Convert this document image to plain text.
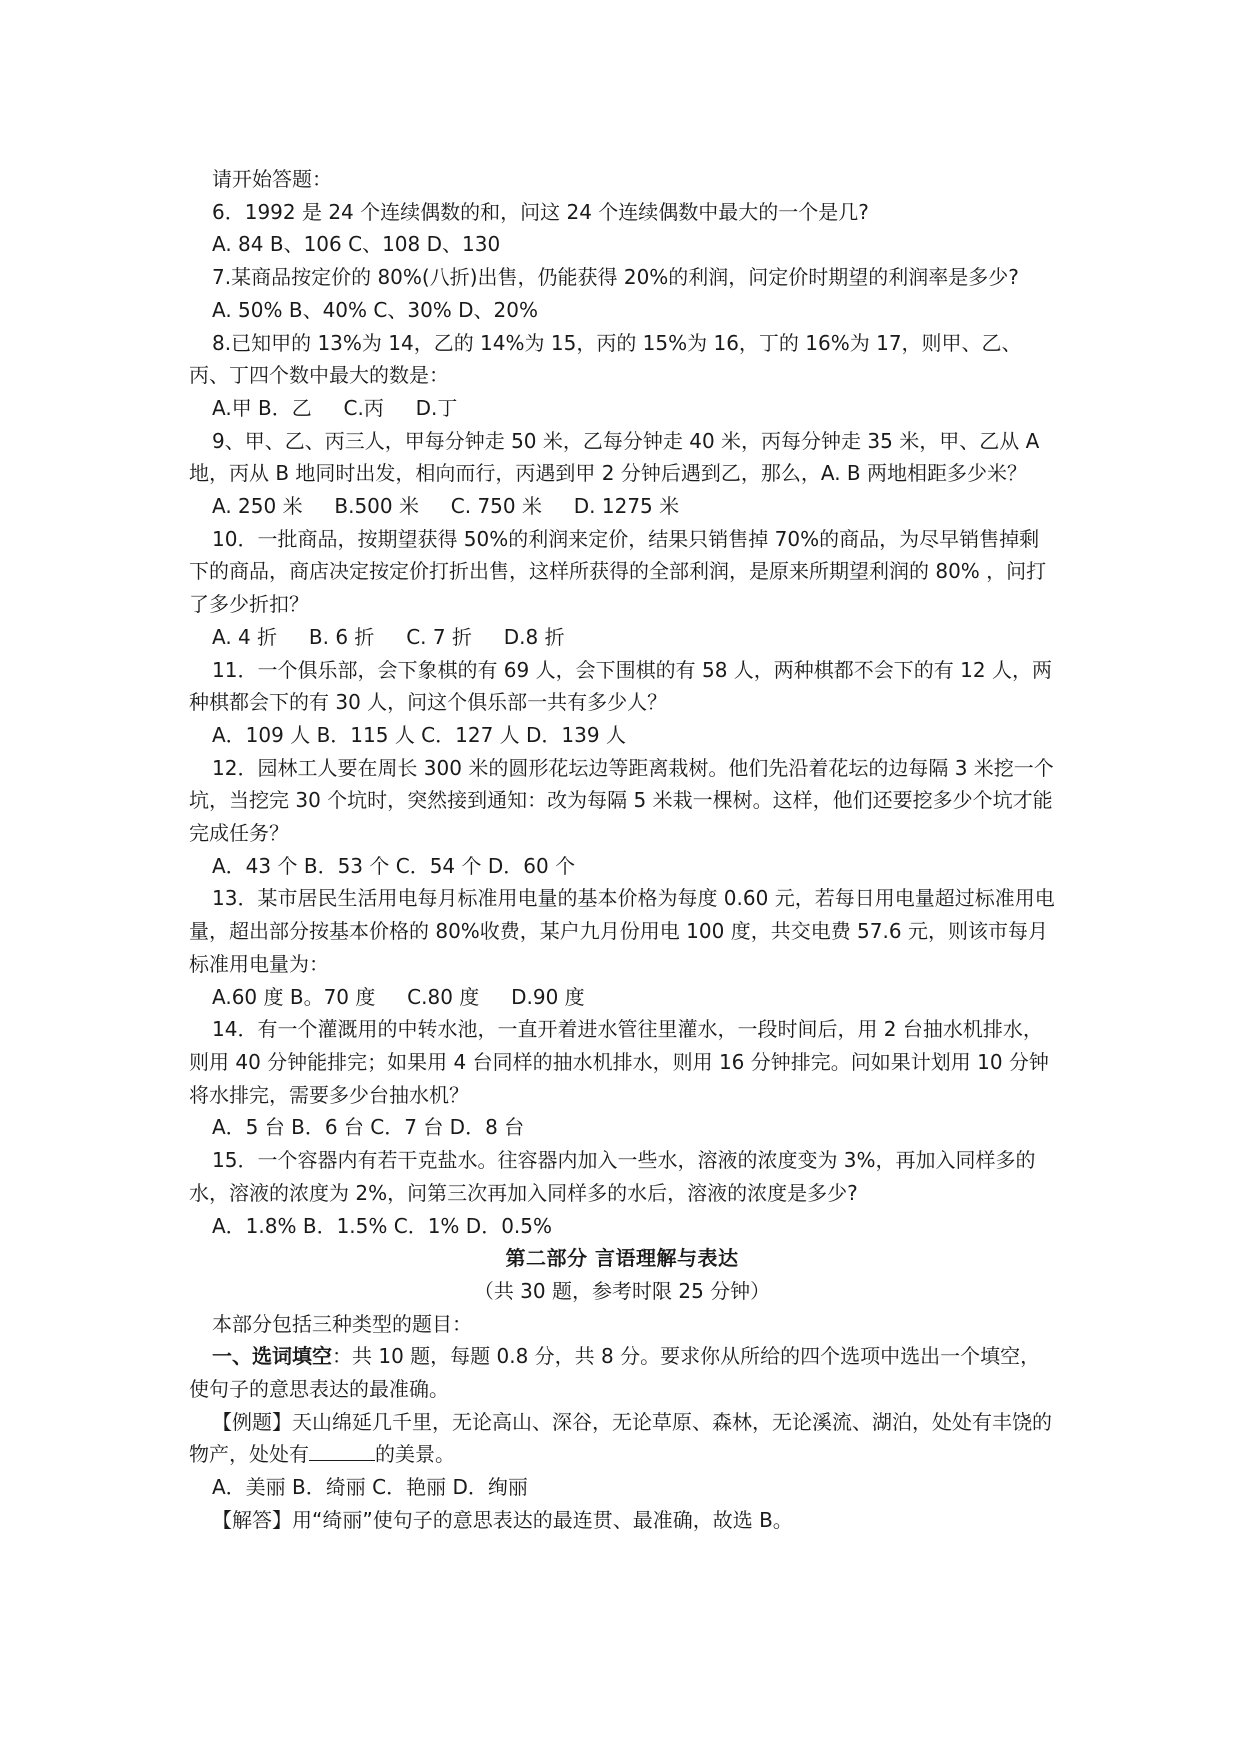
请开始答题：

6．1992 是 24 个连续偶数的和，问这 24 个连续偶数中最大的一个是几?

A. 84 B、106 C、108 D、130

7.某商品按定价的 80%(八折)出售，仍能获得 20%的利润，问定价时期望的利润率是多少?

A. 50% B、40% C、30% D、20%

8.已知甲的 13%为 14，乙的 14%为 15，丙的 15%为 16，丁的 16%为 17，则甲、乙、丙、丁四个数中最大的数是：

A.甲 B．乙     C.丙     D.丁

9、甲、乙、丙三人，甲每分钟走 50 米，乙每分钟走 40 米，丙每分钟走 35 米，甲、乙从 A 地，丙从 B 地同时出发，相向而行，丙遇到甲 2 分钟后遇到乙，那么，A. B 两地相距多少米？

A. 250 米     B.500 米     C. 750 米     D. 1275 米

10．一批商品，按期望获得 50%的利润来定价，结果只销售掉 70%的商品，为尽早销售掉剩下的商品，商店决定按定价打折出售，这样所获得的全部利润，是原来所期望利润的 80% ，问打了多少折扣？

A. 4 折     B. 6 折     C. 7 折     D.8 折

11．一个俱乐部，会下象棋的有 69 人，会下围棋的有 58 人，两种棋都不会下的有 12 人，两种棋都会下的有 30 人，问这个俱乐部一共有多少人？

A．109 人 B．115 人 C．127 人 D．139 人

12．园林工人要在周长 300 米的圆形花坛边等距离栽树。他们先沿着花坛的边每隔 3 米挖一个坑，当挖完 30 个坑时，突然接到通知：改为每隔 5 米栽一棵树。这样，他们还要挖多少个坑才能完成任务？

A．43 个 B．53 个 C．54 个 D．60 个

13．某市居民生活用电每月标准用电量的基本价格为每度 0.60 元，若每日用电量超过标准用电量，超出部分按基本价格的 80%收费，某户九月份用电 100 度，共交电费 57.6 元，则该市每月标准用电量为：

A.60 度 B。70 度     C.80 度     D.90 度

14．有一个灌溉用的中转水池，一直开着进水管往里灌水，一段时间后，用 2 台抽水机排水，则用 40 分钟能排完；如果用 4 台同样的抽水机排水，则用 16 分钟排完。问如果计划用 10 分钟将水排完，需要多少台抽水机？

A．5 台 B．6 台 C．7 台 D．8 台

15．一个容器内有若干克盐水。往容器内加入一些水，溶液的浓度变为 3%，再加入同样多的水，溶液的浓度为 2%，问第三次再加入同样多的水后，溶液的浓度是多少?

A．1.8% B．1.5% C．1% D．0.5%

第二部分 言语理解与表达

（共 30 题，参考时限 25 分钟）

本部分包括三种类型的题目：

一、选词填空：共 10 题，每题 0.8 分，共 8 分。要求你从所给的四个选项中选出一个填空，使句子的意思表达的最准确。

【例题】天山绵延几千里，无论高山、深谷，无论草原、森林，无论溪流、湖泊，处处有丰饶的物产，处处有	的美景。

A．美丽 B．绮丽 C．艳丽 D．绚丽

【解答】用“绮丽”使句子的意思表达的最连贯、最准确，故选 B。
